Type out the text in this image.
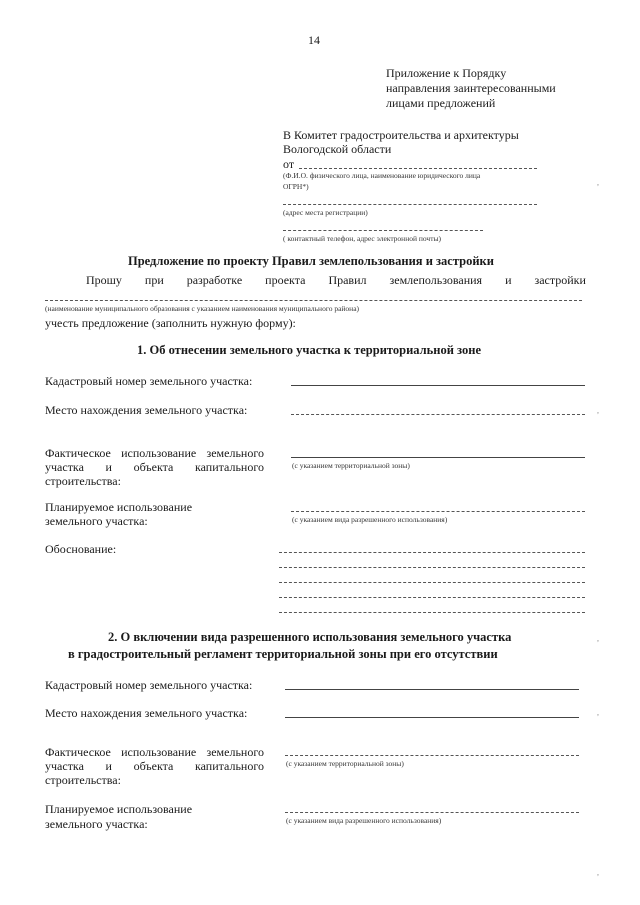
14
Приложение к Порядку
направления заинтересованными
лицами предложений
В Комитет градостроительства и архитектуры
Вологодской области
от
(Ф.И.О. физического лица, наименование юридического лица
ОГРН*)
(адрес места регистрации)
( контактный телефон, адрес электронной почты)
Предложение по проекту Правил землепользования и застройки
Прошу при разработке проекта Правил землепользования и застройки
(наименование муниципального образования с указанием наименования муниципального района)
учесть предложение (заполнить нужную форму):
1. Об отнесении земельного участка к территориальной зоне
Кадастровый номер земельного участка:
Место нахождения земельного участка:
Фактическое использование земельного
участка и объекта капитального
строительства:
(с указанием территориальной зоны)
Планируемое использование
земельного участка:	(с указанием вида разрешенного использования)
Обоснование:
2. О включении вида разрешенного использования земельного участка
в градостроительный регламент территориальной зоны при его отсутствии
Кадастровый номер земельного участка:
Место нахождения земельного участка:
Фактическое использование земельного
участка и объекта капитального
строительства:
(с указанием территориальной зоны)
Планируемое использование
земельного участка:	(с указанием вида разрешенного использования)
,
,
,
,
,
